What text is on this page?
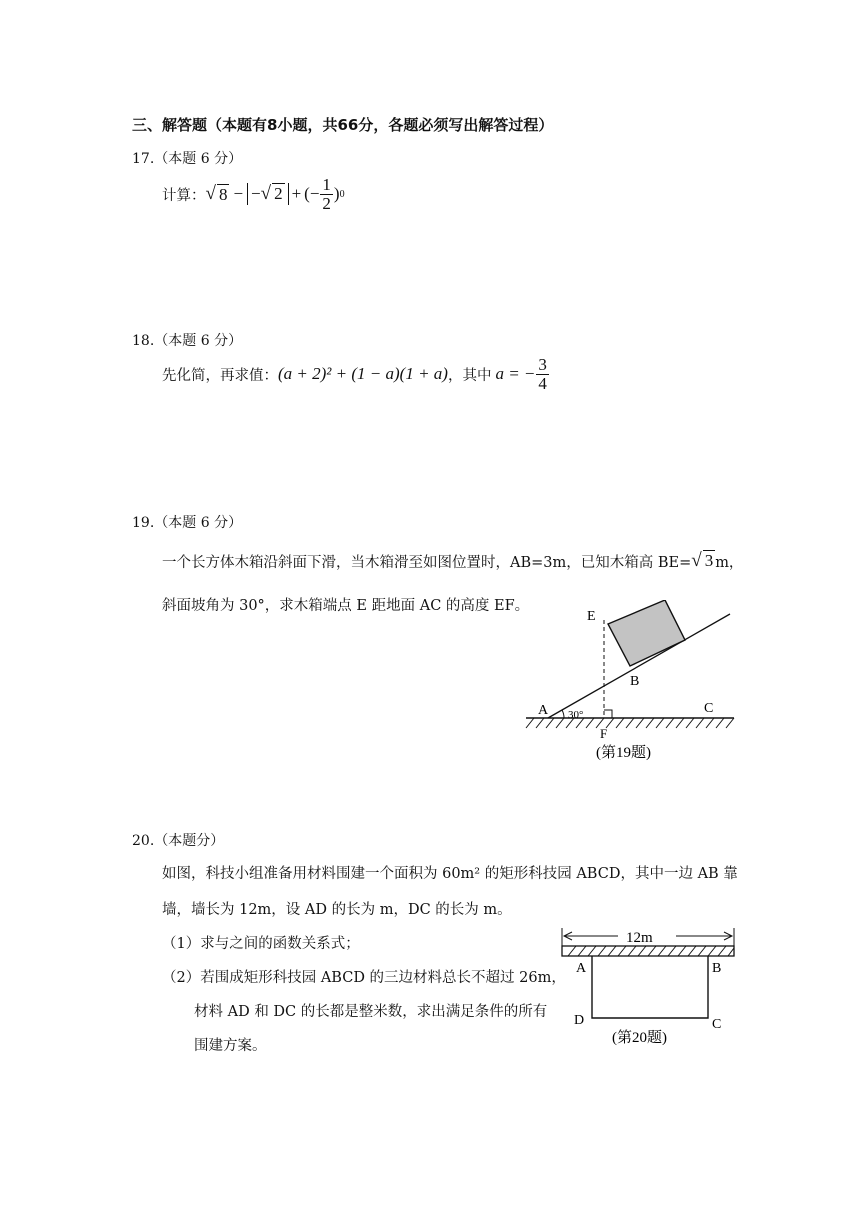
三、解答题（本题有8小题，共66分，各题必须写出解答过程）
17.（本题 6 分）
计算： √ 8 − −√ 2 + (− $\frac{1}{2}$ ) 0
18.（本题 6 分）
先化简，再求值： (a + 2)² + (1 − a)(1 + a) ，其中 a = − $\frac{3}{4}$
19.（本题 6 分）
一个长方体木箱沿斜面下滑，当木箱滑至如图位置时，AB=3m，已知木箱高 BE= √ 3 m，
斜面坡角为 30°，求木箱端点 E 距地面 AC 的高度 EF。
E
B
A	C
F
30°
(第19题)
20.（本题分）
如图，科技小组准备用材料围建一个面积为 60m² 的矩形科技园 ABCD，其中一边 AB 靠
墙，墙长为 12m，设 AD 的长为 m，DC 的长为 m。
（1）求与之间的函数关系式；
（2）若围成矩形科技园 ABCD 的三边材料总长不超过 26m，
材料 AD 和 DC 的长都是整米数，求出满足条件的所有
围建方案。
12m
A	B
D	C
(第20题)
